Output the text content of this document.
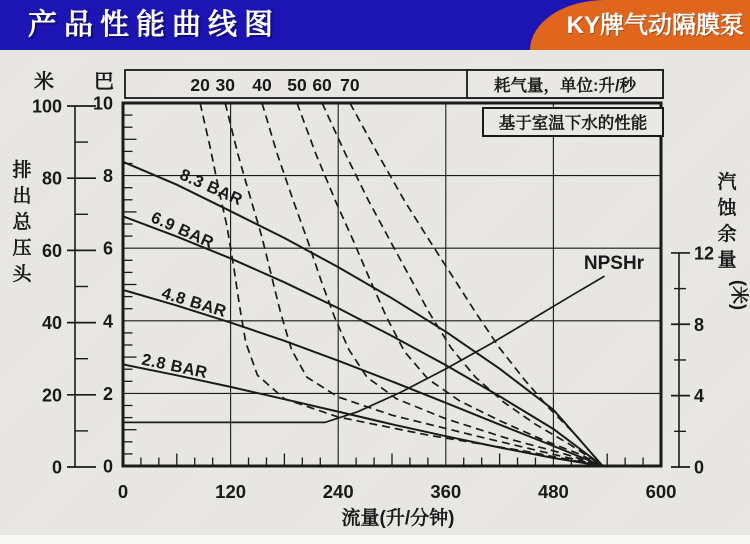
8.3 BAR
6.9 BAR
4.8 BAR
2.8 BAR
NPSHr
100
80
60
40
20
0
米
排
出
总
压
头
10
8
6
4
2
0
巴
0	120	240	360	480	600
流量(升/分钟)
12
8
4
0
汽
蚀
余
量
(米)
20 30 40 50 60 70	耗气量，单位:升/秒
基于室温下水的性能
产品性能曲线图	KY牌气动隔膜泵
